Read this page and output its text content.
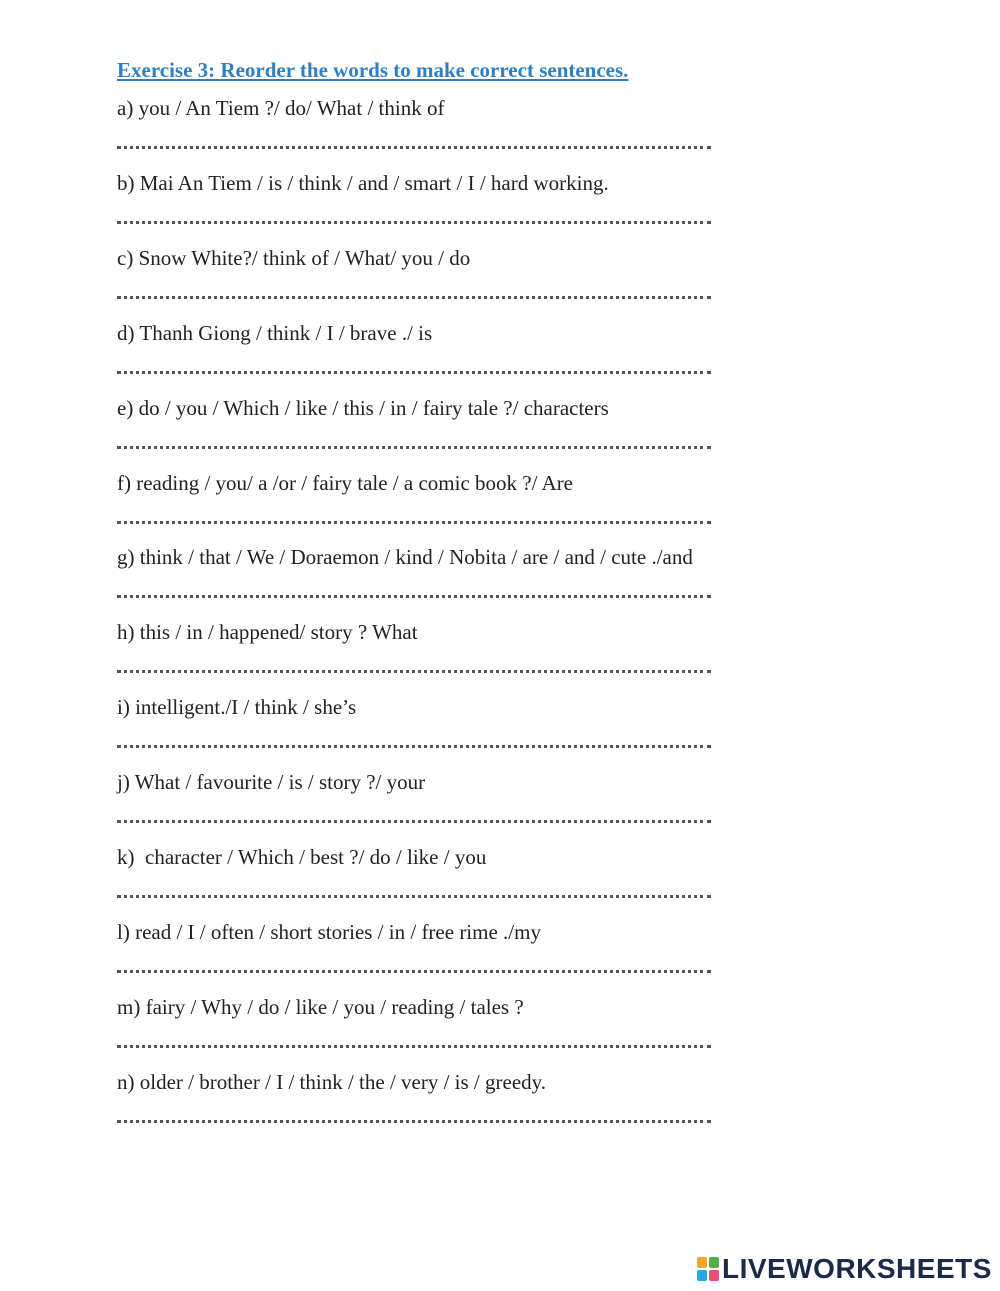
Exercise 3: Reorder the words to make correct sentences.
a) you / An Tiem ?/ do/ What / think of
b) Mai An Tiem / is / think / and / smart / I / hard working.
c) Snow White?/ think of / What/ you / do
d) Thanh Giong / think / I / brave ./ is
e) do / you / Which / like / this / in / fairy tale ?/ characters
f) reading / you/ a /or / fairy tale / a comic book ?/ Are
g) think / that / We / Doraemon / kind / Nobita / are / and / cute ./and
h) this / in / happened/ story ? What
i) intelligent./I / think / she’s
j) What / favourite / is / story ?/ your
k)  character / Which / best ?/ do / like / you
l) read / I / often / short stories / in / free rime ./my
m) fairy / Why / do / like / you / reading / tales ?
n) older / brother / I / think / the / very / is / greedy.
LIVEWORKSHEETS
